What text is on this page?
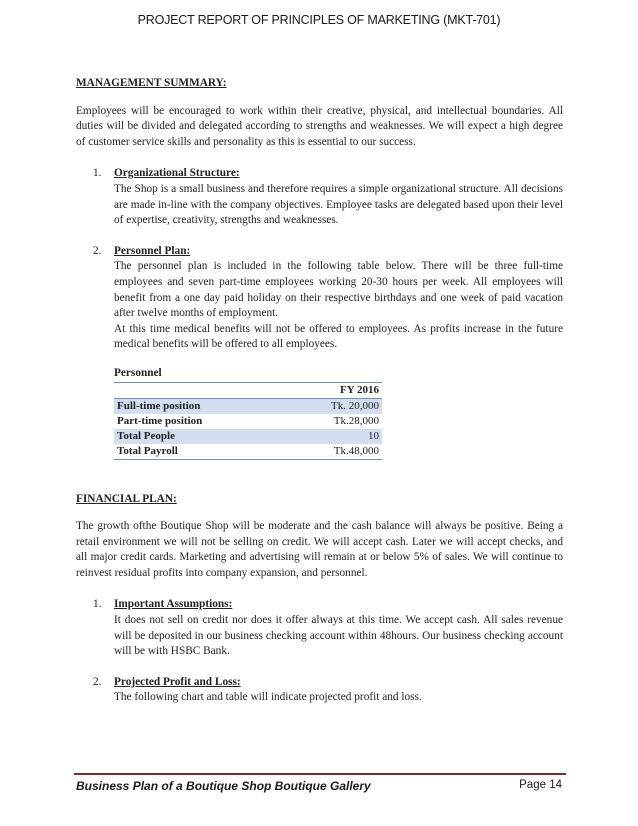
PROJECT REPORT OF PRINCIPLES OF MARKETING (MKT-701)

MANAGEMENT SUMMARY:

Employees will be encouraged to work within their creative, physical, and intellectual boundaries. All duties will be divided and delegated according to strengths and weaknesses. We will expect a high degree of customer service skills and personality as this is essential to our success.

1. Organizational Structure:

The Shop is a small business and therefore requires a simple organizational structure. All decisions are made in-line with the company objectives. Employee tasks are delegated based upon their level of expertise, creativity, strengths and weaknesses.

2. Personnel Plan:

The personnel plan is included in the following table below. There will be three full-time employees and seven part-time employees working 20-30 hours per week. All employees will benefit from a one day paid holiday on their respective birthdays and one week of paid vacation after twelve months of employment.

At this time medical benefits will not be offered to employees. As profits increase in the future medical benefits will be offered to all employees.

Personnel

	FY 2016
Full-time position	Tk. 20,000
Part-time position	Tk.28,000
Total People	10
Total Payroll	Tk.48,000

FINANCIAL PLAN:

The growth ofthe Boutique Shop will be moderate and the cash balance will always be positive. Being a retail environment we will not be selling on credit. We will accept cash. Later we will accept checks, and all major credit cards. Marketing and advertising will remain at or below 5% of sales. We will continue to reinvest residual profits into company expansion, and personnel.

1. Important Assumptions:

It does not sell on credit nor does it offer always at this time. We accept cash. All sales revenue will be deposited in our business checking account within 48hours. Our business checking account will be with HSBC Bank.

2. Projected Profit and Loss:

The following chart and table will indicate projected profit and loss.

Business Plan of a Boutique Shop Boutique Gallery	Page 14
